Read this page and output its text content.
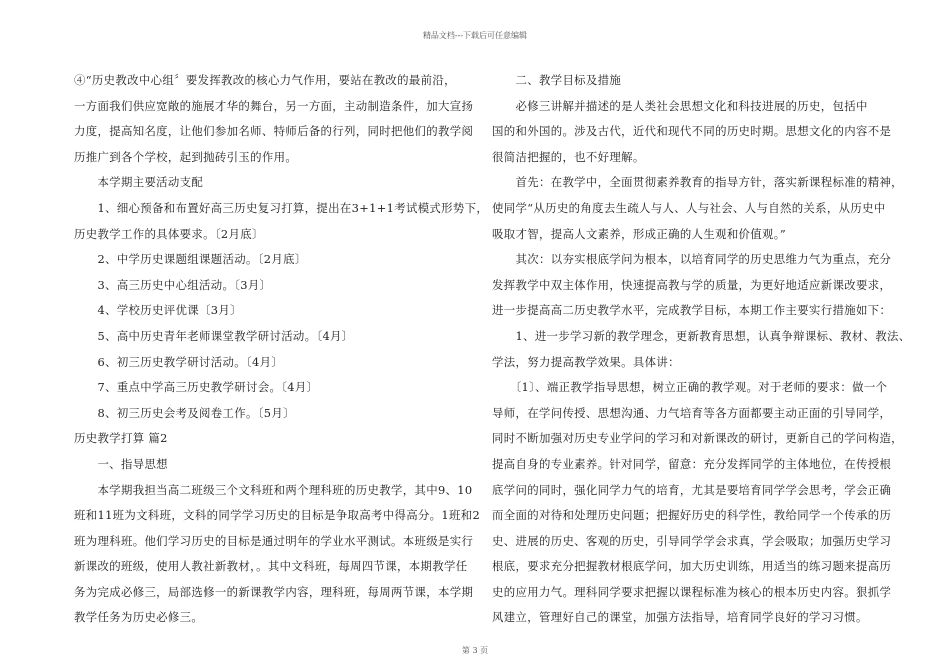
精品文档---下载后可任意编辑
④“历史教改中心组〞要发挥教改的核心力气作用，要站在教改的最前沿，
一方面我们供应宽敞的施展才华的舞台，另一方面，主动制造条件，加大宣扬
力度，提高知名度，让他们参加名师、特师后备的行列，同时把他们的教学阅
历推广到各个学校，起到抛砖引玉的作用。
　　本学期主要活动支配
　　1、细心预备和布置好高三历史复习打算，提出在3+1+1考试模式形势下，
历史教学工作的具体要求。〔2月底〕
　　2、中学历史课题组课题活动。〔2月底〕
　　3、高三历史中心组活动。〔3月〕
　　4、学校历史评优课〔3月〕
　　5、高中历史青年老师课堂教学研讨活动。〔4月〕
　　6、初三历史教学研讨活动。〔4月〕
　　7、重点中学高三历史教学研讨会。〔4月〕
　　8、初三历史会考及阅卷工作。〔5月〕
历史教学打算 篇2
　　一、指导思想
　　本学期我担当高二班级三个文科班和两个理科班的历史教学，其中9、10
班和11班为文科班，文科的同学学习历史的目标是争取高考中得高分。1班和2
班为理科班。他们学习历史的目标是通过明年的学业水平测试。本班级是实行
新课改的班级，使用人教社新教材，。其中文科班，每周四节课，本期教学任
务为完成必修三，局部选修一的新课教学内容，理科班，每周两节课，本学期
教学任务为历史必修三。
　　二、教学目标及措施
　　必修三讲解并描述的是人类社会思想文化和科技进展的历史，包括中
国的和外国的。涉及古代，近代和现代不同的历史时期。思想文化的内容不是
很简洁把握的，也不好理解。
　　首先：在教学中，全面贯彻素养教育的指导方针，落实新课程标准的精神，
使同学“从历史的角度去生疏人与人、人与社会、人与自然的关系，从历史中
吸取才智，提高人文素养，形成正确的人生观和价值观。”
　　其次：以夯实根底学问为根本，以培育同学的历史思维力气为重点，充分
发挥教学中双主体作用，快速提高教与学的质量，为更好地适应新课改要求，
进一步提高高二历史教学水平，完成教学目标，本期工作主要实行措施如下：
　　1、进一步学习新的教学理念，更新教育思想，认真争辩课标、教材、教法、
学法，努力提高教学效果。具体讲：
　　〔1〕、端正教学指导思想，树立正确的教学观。对于老师的要求：做一个
导师，在学问传授、思想沟通、力气培育等各方面都要主动正面的引导同学，
同时不断加强对历史专业学问的学习和对新课改的研讨，更新自己的学问构造，
提高自身的专业素养。针对同学，留意：充分发挥同学的主体地位，在传授根
底学问的同时，强化同学力气的培育，尤其是要培育同学学会思考，学会正确
而全面的对待和处理历史问题；把握好历史的科学性，教给同学一个传承的历
史、进展的历史、客观的历史，引导同学学会求真，学会吸取；加强历史学习
根底，要求充分把握教材根底学问，加大历史训练，用适当的练习题来提高历
史的应用力气。理科同学要求把握以课程标准为核心的根本历史内容。狠抓学
风建立，管理好自己的课堂，加强方法指导，培育同学良好的学习习惯。
第 3 页
